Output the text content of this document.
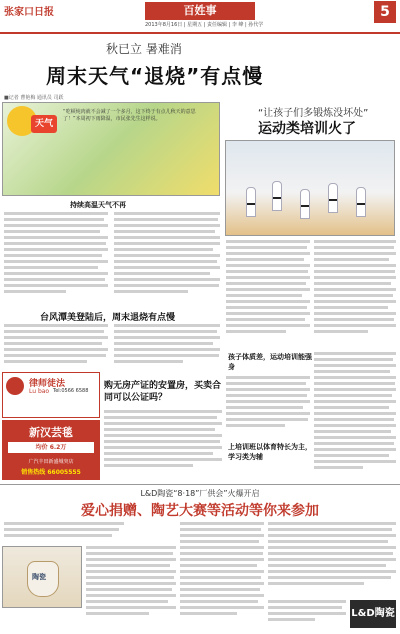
张家口日报	百姓事
2013年8月16日 | 星期五 | 责任编辑 | 李 峰 | 孙代学
5
秋已立 暑难消
周末天气“退烧”有点慢
■记者 曹艳梅 通讯员 司跃
天气
“吃顿炖肉就不会减了一个多月，这下终于有点儿秋天的意思了！”本周初下雨降温，市民张先生这样说。
持续高温天气不再
台风潭美登陆后，周末退烧有点慢
“让孩子们多锻炼没坏处”
运动类培训火了
孩子体质差，运动培训能强身
上培训班以体育特长为主，学习类为辅
律师徒法
Lu bao Tel:0566 6588 购无房产证的安置房，买卖合同可以公证吗？
新汉芸毯
均价 6.2万
广汽丰田新盛城突店
销售热线 66005555
L&D陶瓷“8·18”厂供会”火爆开启
爱心捐赠、陶艺大赛等活动等你来参加
陶瓷
L&D陶瓷
